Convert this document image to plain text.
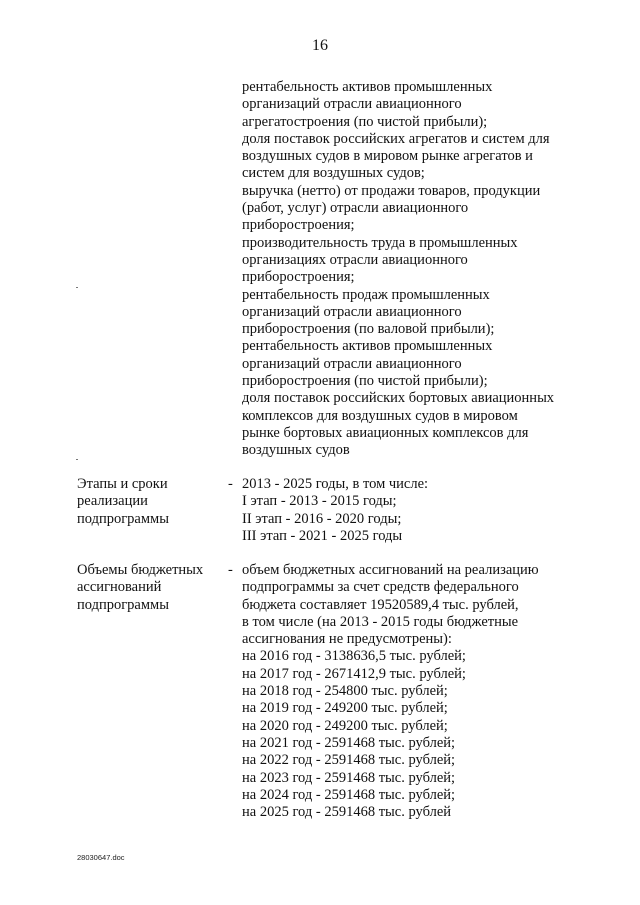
16
рентабельность активов промышленных
организаций отрасли авиационного
агрегатостроения (по чистой прибыли);
доля поставок российских агрегатов и систем для
воздушных судов в мировом рынке агрегатов и
систем для воздушных судов;
выручка (нетто) от продажи товаров, продукции
(работ, услуг) отрасли авиационного
приборостроения;
производительность труда в промышленных
организациях отрасли авиационного
приборостроения;
рентабельность продаж промышленных
организаций отрасли авиационного
приборостроения (по валовой прибыли);
рентабельность активов промышленных
организаций отрасли авиационного
приборостроения (по чистой прибыли);
доля поставок российских бортовых авиационных
комплексов для воздушных судов в мировом
рынке бортовых авиационных комплексов для
воздушных судов
Этапы и сроки
реализации
подпрограммы
- 2013 - 2025 годы, в том числе:
I этап - 2013 - 2015 годы;
II этап - 2016 - 2020 годы;
III этап - 2021 - 2025 годы
Объемы бюджетных
ассигнований
подпрограммы
- объем бюджетных ассигнований на реализацию
подпрограммы за счет средств федерального
бюджета составляет 19520589,4 тыс. рублей,
в том числе (на 2013 - 2015 годы бюджетные
ассигнования не предусмотрены):
на 2016 год - 3138636,5 тыс. рублей;
на 2017 год - 2671412,9 тыс. рублей;
на 2018 год - 254800 тыс. рублей;
на 2019 год - 249200 тыс. рублей;
на 2020 год - 249200 тыс. рублей;
на 2021 год - 2591468 тыс. рублей;
на 2022 год - 2591468 тыс. рублей;
на 2023 год - 2591468 тыс. рублей;
на 2024 год - 2591468 тыс. рублей;
на 2025 год - 2591468 тыс. рублей
28030647.doc
